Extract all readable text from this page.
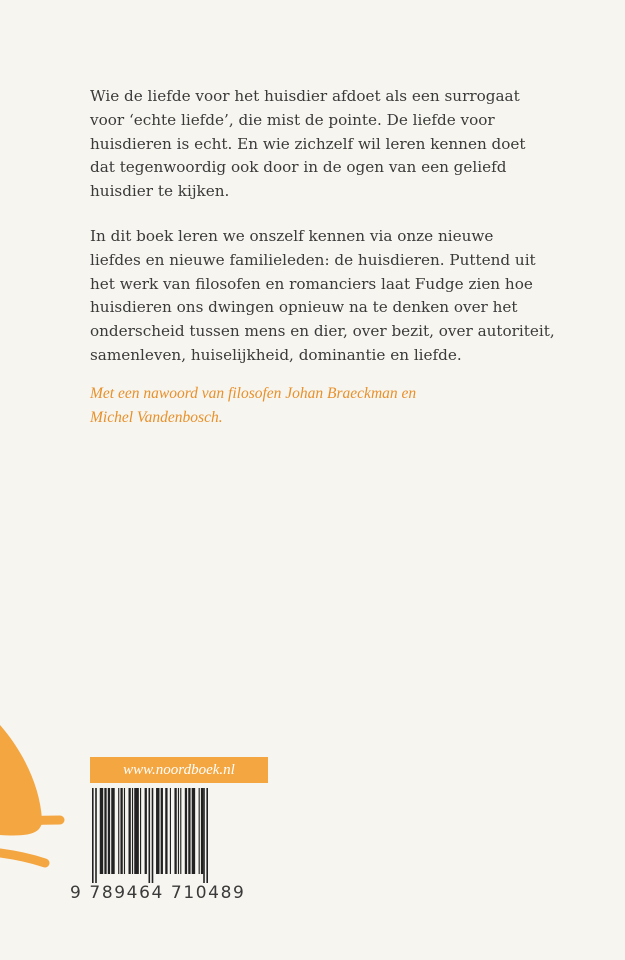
Wie de liefde voor het huisdier afdoet als een surrogaat
voor ‘echte liefde’, die mist de pointe. De liefde voor
huisdieren is echt. En wie zichzelf wil leren kennen doet
dat tegenwoordig ook door in de ogen van een geliefd
huisdier te kijken.

In dit boek leren we onszelf kennen via onze nieuwe
liefdes en nieuwe familieleden: de huisdieren. Puttend uit
het werk van filosofen en romanciers laat Fudge zien hoe
huisdieren ons dwingen opnieuw na te denken over het
onderscheid tussen mens en dier, over bezit, over autoriteit,
samenleven, huiselijkheid, dominantie en liefde.

Met een nawoord van filosofen Johan Braeckman en
Michel Vandenbosch.

www.noordboek.nl
9 789464 710489
